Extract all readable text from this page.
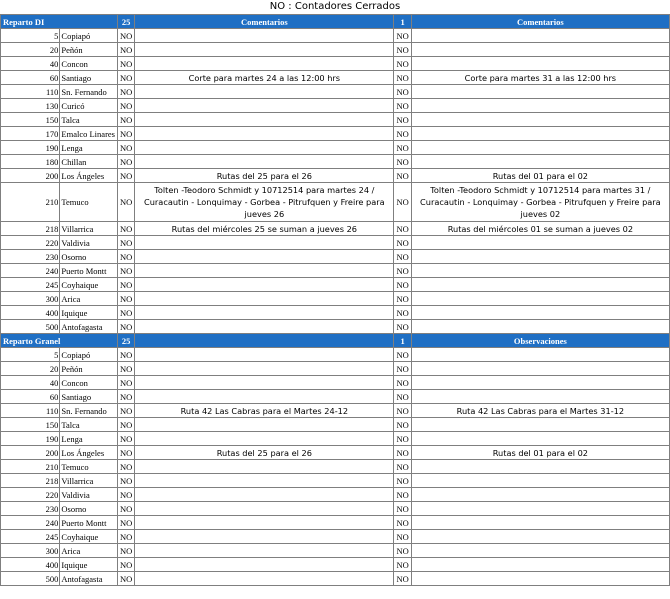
NO : Contadores Cerrados
Reparto DI		25	Comentarios	1	Comentarios
5	Copiapó	NO		NO	
20	Peñón	NO		NO	
40	Concon	NO		NO	
60	Santiago	NO	Corte para martes 24 a las 12:00 hrs	NO	Corte para martes 31 a las 12:00 hrs
110	Sn. Fernando	NO		NO	
130	Curicó	NO		NO	
150	Talca	NO		NO	
170	Emalco Linares	NO		NO	
190	Lenga	NO		NO	
180	Chillan	NO		NO	
200	Los Ángeles	NO	Rutas del 25 para el 26	NO	Rutas del 01 para el 02
210	Temuco	NO	Tolten -Teodoro Schmidt y 10712514 para martes 24 / Curacautin - Lonquimay - Gorbea - Pitrufquen y Freire para jueves 26	NO	Tolten -Teodoro Schmidt y 10712514 para martes 31 / Curacautin - Lonquimay - Gorbea - Pitrufquen y Freire para jueves 02
218	Villarrica	NO	Rutas del miércoles 25 se suman a jueves 26	NO	Rutas del miércoles 01 se suman a jueves 02
220	Valdivia	NO		NO	
230	Osorno	NO		NO	
240	Puerto Montt	NO		NO	
245	Coyhaique	NO		NO	
300	Arica	NO		NO	
400	Iquique	NO		NO	
500	Antofagasta	NO		NO	
Reparto Granel		25		1	Observaciones
5	Copiapó	NO		NO	
20	Peñón	NO		NO	
40	Concon	NO		NO	
60	Santiago	NO		NO	
110	Sn. Fernando	NO	Ruta 42 Las Cabras para el Martes 24-12	NO	Ruta 42 Las Cabras para el Martes 31-12
150	Talca	NO		NO	
190	Lenga	NO		NO	
200	Los Ángeles	NO	Rutas del 25 para el 26	NO	Rutas del 01 para el 02
210	Temuco	NO		NO	
218	Villarrica	NO		NO	
220	Valdivia	NO		NO	
230	Osorno	NO		NO	
240	Puerto Montt	NO		NO	
245	Coyhaique	NO		NO	
300	Arica	NO		NO	
400	Iquique	NO		NO	
500	Antofagasta	NO		NO	
